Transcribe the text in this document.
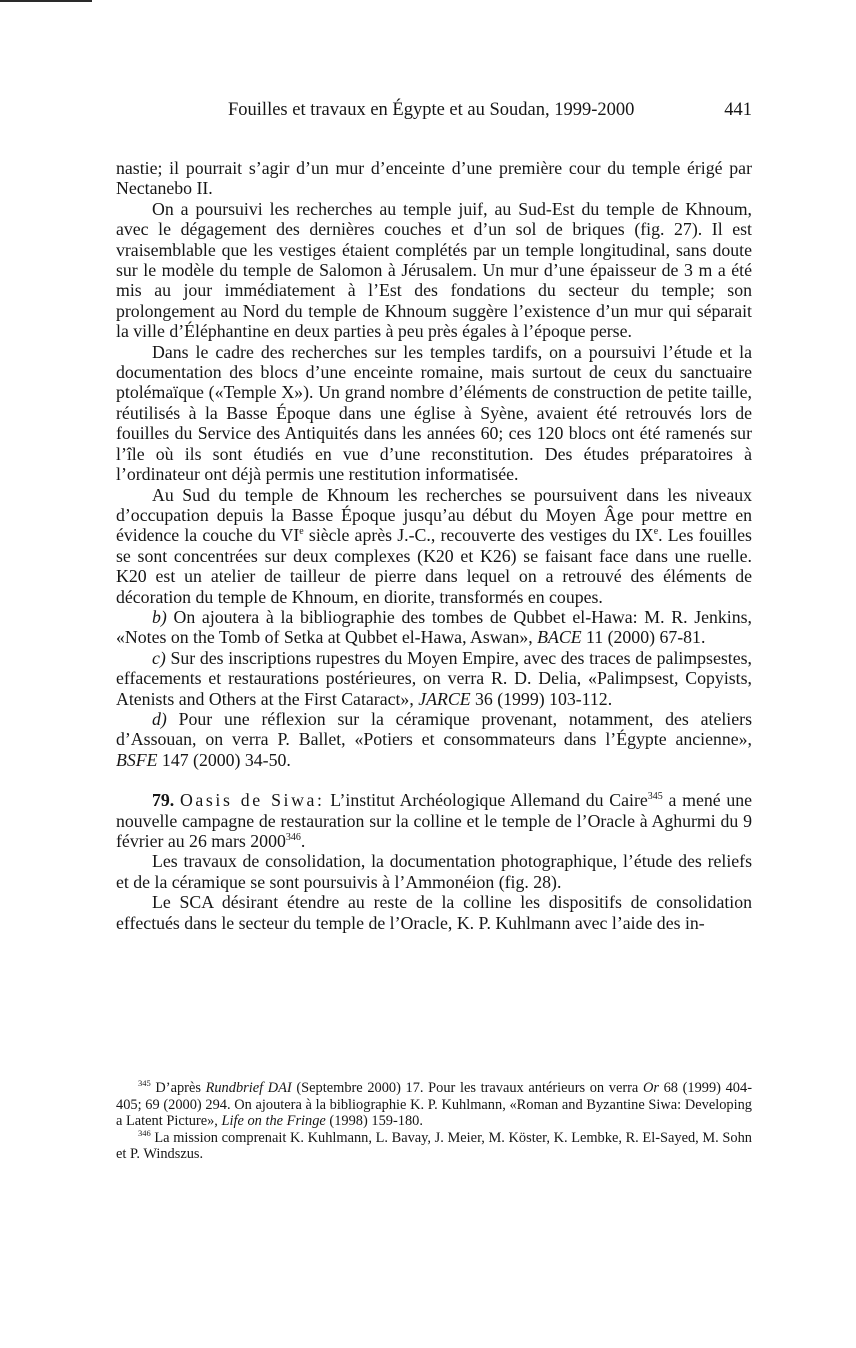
Fouilles et travaux en Égypte et au Soudan, 1999-2000	441

nastie; il pourrait s’agir d’un mur d’enceinte d’une première cour du temple érigé par Nectanebo II.

On a poursuivi les recherches au temple juif, au Sud-Est du temple de Khnoum, avec le dégagement des dernières couches et d’un sol de briques (fig. 27). Il est vraisemblable que les vestiges étaient complétés par un temple longitudinal, sans doute sur le modèle du temple de Salomon à Jérusalem. Un mur d’une épaisseur de 3 m a été mis au jour immédiatement à l’Est des fondations du secteur du temple; son prolongement au Nord du temple de Khnoum suggère l’existence d’un mur qui séparait la ville d’Éléphantine en deux parties à peu près égales à l’époque perse.

Dans le cadre des recherches sur les temples tardifs, on a poursuivi l’étude et la documentation des blocs d’une enceinte romaine, mais surtout de ceux du sanctuaire ptolémaïque («Temple X»). Un grand nombre d’éléments de construction de petite taille, réutilisés à la Basse Époque dans une église à Syène, avaient été retrouvés lors de fouilles du Service des Antiquités dans les années 60; ces 120 blocs ont été ramenés sur l’île où ils sont étudiés en vue d’une reconstitution. Des études préparatoires à l’ordinateur ont déjà permis une restitution informatisée.

Au Sud du temple de Khnoum les recherches se poursuivent dans les niveaux d’occupation depuis la Basse Époque jusqu’au début du Moyen Âge pour mettre en évidence la couche du VIe siècle après J.-C., recouverte des vestiges du IXe. Les fouilles se sont concentrées sur deux complexes (K20 et K26) se faisant face dans une ruelle. K20 est un atelier de tailleur de pierre dans lequel on a retrouvé des éléments de décoration du temple de Khnoum, en diorite, transformés en coupes.

b) On ajoutera à la bibliographie des tombes de Qubbet el-Hawa: M. R. Jenkins, «Notes on the Tomb of Setka at Qubbet el-Hawa, Aswan», BACE 11 (2000) 67-81.

c) Sur des inscriptions rupestres du Moyen Empire, avec des traces de palimpsestes, effacements et restaurations postérieures, on verra R. D. Delia, «Palimpsest, Copyists, Atenists and Others at the First Cataract», JARCE 36 (1999) 103-112.

d) Pour une réflexion sur la céramique provenant, notamment, des ateliers d’Assouan, on verra P. Ballet, «Potiers et consommateurs dans l’Égypte ancienne», BSFE 147 (2000) 34-50.

79. Oasis de Siwa: L’institut Archéologique Allemand du Caire$^{345}$ a mené une nouvelle campagne de restauration sur la colline et le temple de l’Oracle à Aghurmi du 9 février au 26 mars 2000$^{346}$.

Les travaux de consolidation, la documentation photographique, l’étude des reliefs et de la céramique se sont poursuivis à l’Ammonéion (fig. 28).

Le SCA désirant étendre au reste de la colline les dispositifs de consolidation effectués dans le secteur du temple de l’Oracle, K. P. Kuhlmann avec l’aide des in-

$^{345}$ D’après Rundbrief DAI (Septembre 2000) 17. Pour les travaux antérieurs on verra Or 68 (1999) 404-405; 69 (2000) 294. On ajoutera à la bibliographie K. P. Kuhlmann, «Roman and Byzantine Siwa: Developing a Latent Picture», Life on the Fringe (1998) 159-180.

$^{346}$ La mission comprenait K. Kuhlmann, L. Bavay, J. Meier, M. Köster, K. Lembke, R. El-Sayed, M. Sohn et P. Windszus.
